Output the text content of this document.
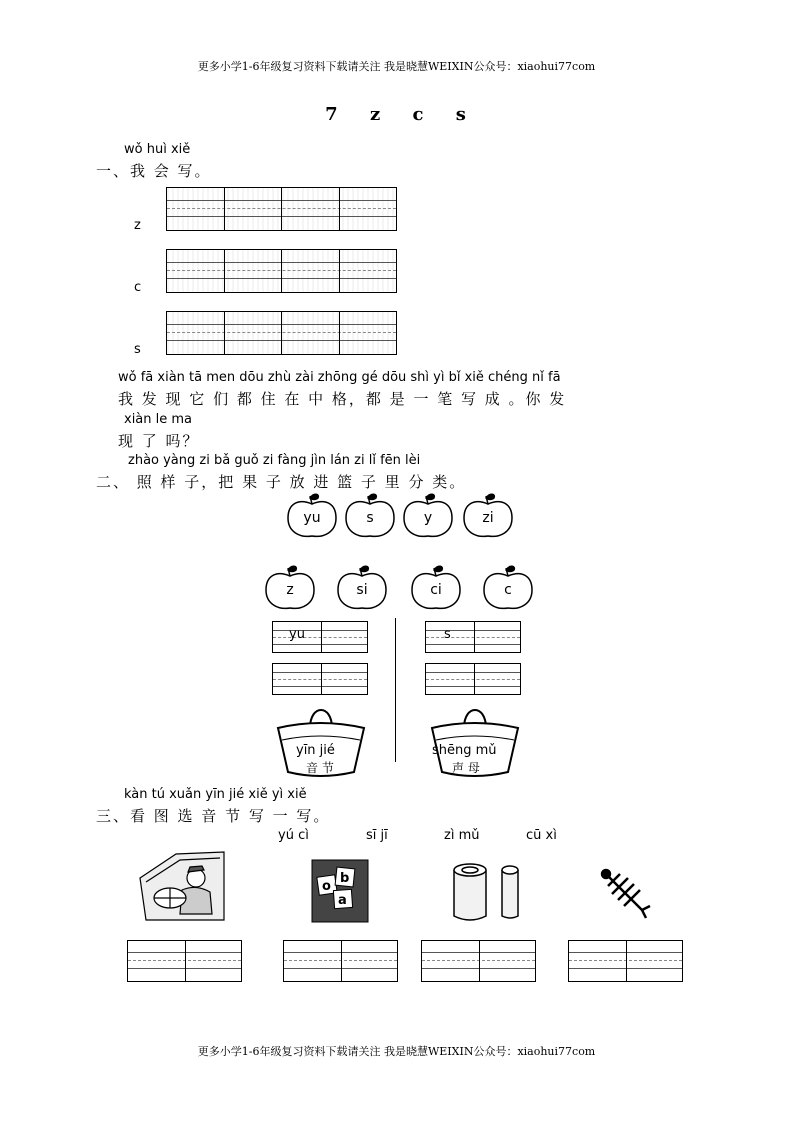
更多小学1-6年级复习资料下载请关注 我是晓慧WEIXIN公众号：xiaohui77com
7 z c s
wǒ huì xiě
一、我 会 写。
z
c
s
wǒ fā xiàn tā men dōu zhù zài zhōng gé dōu shì yì bǐ xiě chéng nǐ fā
我 发 现 它 们 都 住 在 中 格，都 是 一 笔 写 成 。你 发
xiàn le ma
现 了 吗？
zhào yàng zi bǎ guǒ zi fàng jìn lán zi lǐ fēn lèi
二、 照 样 子，把 果 子 放 进 篮 子 里 分 类。
yu	s	y	zi
z	si	ci	c
yu	s
yīn jié
音 节
shēng mǔ
声 母
kàn tú xuǎn yīn jié xiě yì xiě
三、看 图 选 音 节 写 一 写。
yú cì	sī jī	zì mǔ	cū xì
o
b
a
更多小学1-6年级复习资料下载请关注 我是晓慧WEIXIN公众号：xiaohui77com
